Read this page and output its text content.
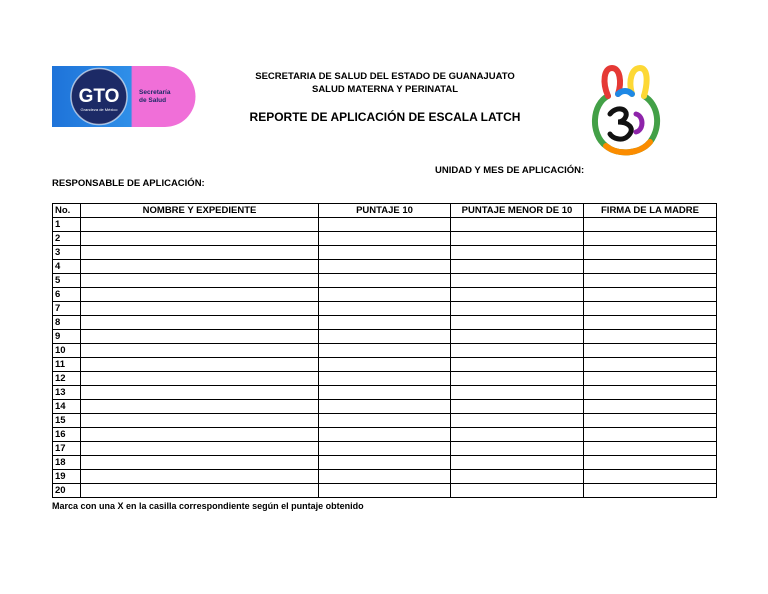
GTO
Grandeza de México
Secretaría
de Salud
SECRETARIA DE SALUD DEL ESTADO DE GUANAJUATO
SALUD MATERNA Y PERINATAL
REPORTE DE APLICACIÓN DE ESCALA LATCH
UNIDAD Y MES DE APLICACIÓN:
RESPONSABLE DE APLICACIÓN:
No.	NOMBRE Y EXPEDIENTE	PUNTAJE 10	PUNTAJE MENOR DE 10	FIRMA DE LA MADRE
1				
2				
3				
4				
5				
6				
7				
8				
9				
10				
11				
12				
13				
14				
15				
16				
17				
18				
19				
20				
Marca con una X en la casilla correspondiente según el puntaje obtenido
